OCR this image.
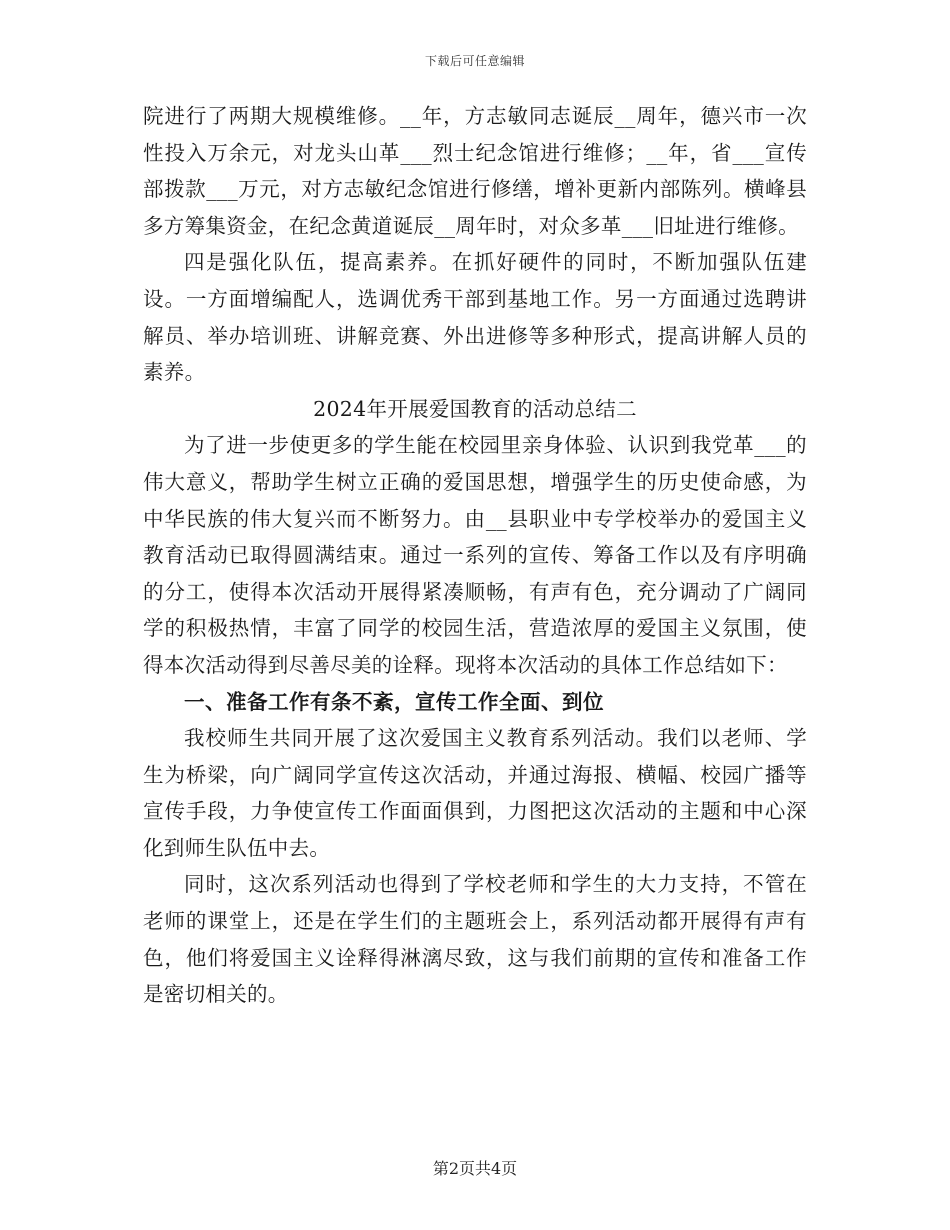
下载后可任意编辑

院进行了两期大规模维修。__年，方志敏同志诞辰__周年，德兴市一次性投入万余元，对龙头山革___烈士纪念馆进行维修；__年，省___宣传部拨款___万元，对方志敏纪念馆进行修缮，增补更新内部陈列。横峰县多方筹集资金，在纪念黄道诞辰__周年时，对众多革___旧址进行维修。

四是强化队伍，提高素养。在抓好硬件的同时，不断加强队伍建设。一方面增编配人，选调优秀干部到基地工作。另一方面通过选聘讲解员、举办培训班、讲解竞赛、外出进修等多种形式，提高讲解人员的素养。

2024年开展爱国教育的活动总结二

为了进一步使更多的学生能在校园里亲身体验、认识到我党革___的伟大意义，帮助学生树立正确的爱国思想，增强学生的历史使命感，为中华民族的伟大复兴而不断努力。由__县职业中专学校举办的爱国主义教育活动已取得圆满结束。通过一系列的宣传、筹备工作以及有序明确的分工，使得本次活动开展得紧凑顺畅，有声有色，充分调动了广阔同学的积极热情，丰富了同学的校园生活，营造浓厚的爱国主义氛围，使得本次活动得到尽善尽美的诠释。现将本次活动的具体工作总结如下：

一、准备工作有条不紊，宣传工作全面、到位

我校师生共同开展了这次爱国主义教育系列活动。我们以老师、学生为桥梁，向广阔同学宣传这次活动，并通过海报、横幅、校园广播等宣传手段，力争使宣传工作面面俱到，力图把这次活动的主题和中心深化到师生队伍中去。

同时，这次系列活动也得到了学校老师和学生的大力支持，不管在老师的课堂上，还是在学生们的主题班会上，系列活动都开展得有声有色，他们将爱国主义诠释得淋漓尽致，这与我们前期的宣传和准备工作是密切相关的。

第2页共4页
